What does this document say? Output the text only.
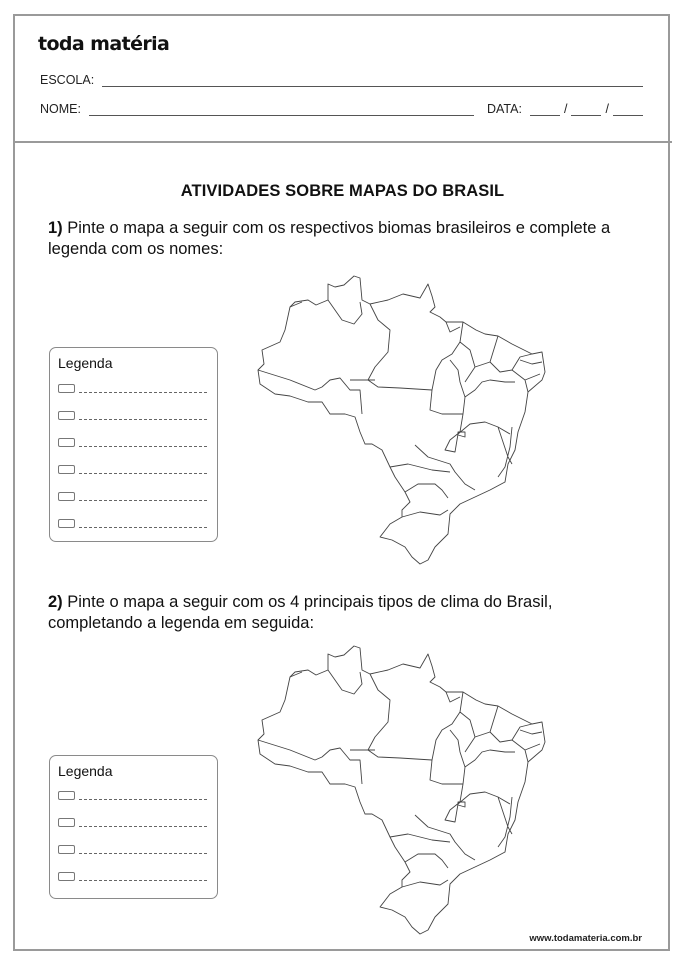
toda matéria
ESCOLA:
NOME:	DATA:	/	/
ATIVIDADES SOBRE MAPAS DO BRASIL
1) Pinte o mapa a seguir com os respectivos biomas brasileiros e complete a legenda com os nomes:
Legenda
2) Pinte o mapa a seguir com os 4 principais tipos de clima do Brasil, completando a legenda em seguida:
Legenda
www.todamateria.com.br
